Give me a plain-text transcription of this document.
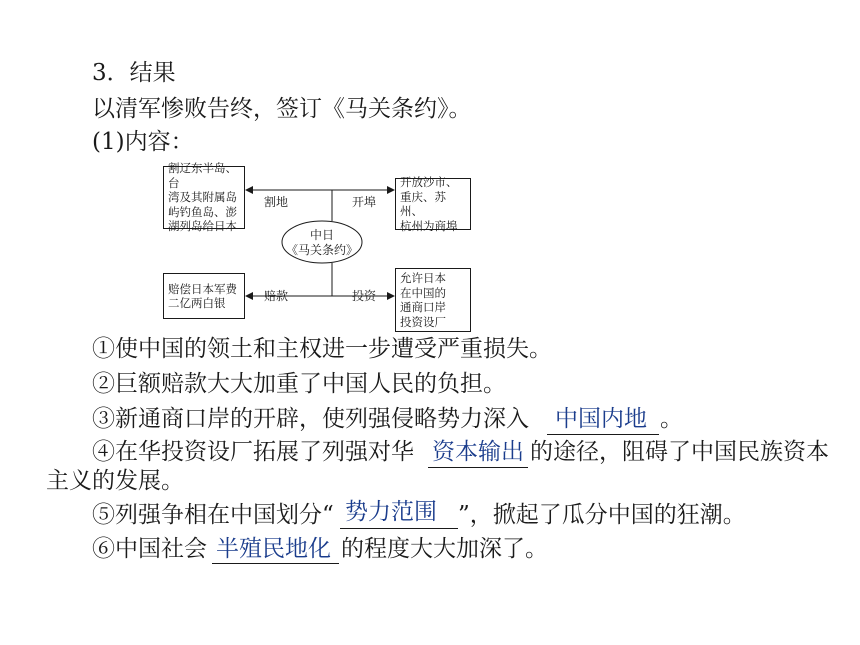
3．结果
以清军惨败告终，签订《马关条约》。
(1)内容：
割辽东半岛、台
湾及其附属岛
屿钓鱼岛、澎
湖列岛给日本
开放沙市、
重庆、苏州、
杭州为商埠
赔偿日本军费
二亿两白银
允许日本
在中国的
通商口岸
投资设厂
割地	开埠
赔款	投资
中日
《马关条约》
①使中国的领土和主权进一步遭受严重损失。
②巨额赔款大大加重了中国人民的负担。
③新通商口岸的开辟，使列强侵略势力深入 中国内地 。
④在华投资设厂拓展了列强对华 资本输出 的途径，阻碍了中国民族资本
主义的发展。
⑤列强争相在中国划分“ 势力范围 ”，掀起了瓜分中国的狂潮。
⑥中国社会 半殖民地化 的程度大大加深了。
